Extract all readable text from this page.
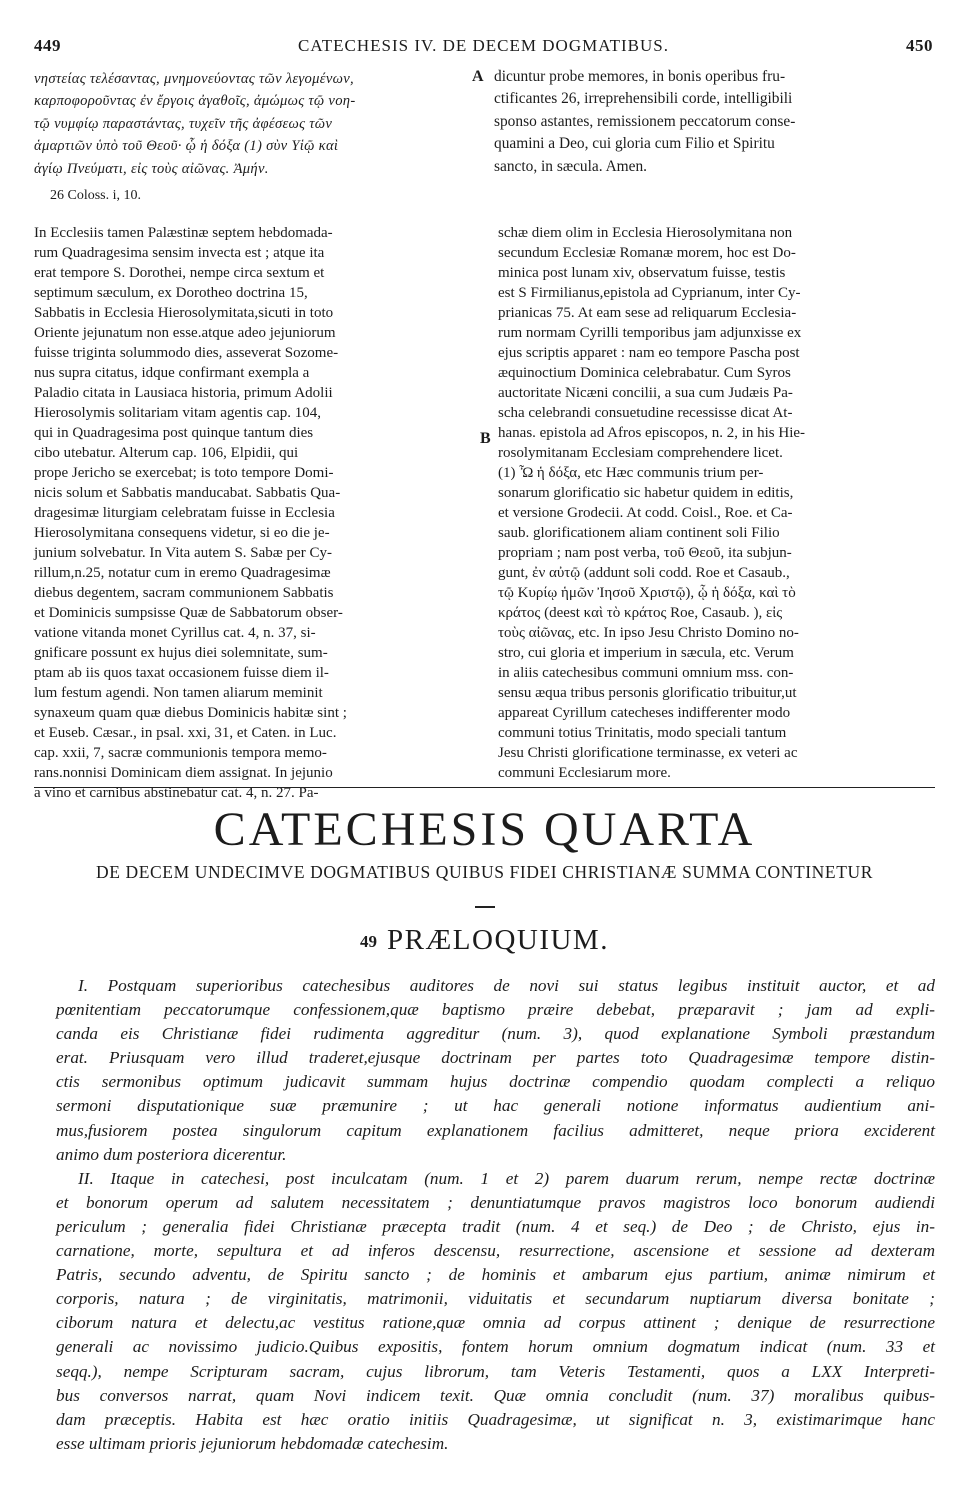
449	CATECHESIS IV. DE DECEM DOGMATIBUS.	450
νηστείας τελέσαντας, μνημονεύοντας τῶν λεγομένων,
καρποφοροῦντας ἐν ἔργοις ἀγαθοῖς, ἀμώμως τῷ νοη-
τῷ νυμφίῳ παραστάντας, τυχεῖν τῆς ἀφέσεως τῶν
ἁμαρτιῶν ὑπὸ τοῦ Θεοῦ· ᾧ ἡ δόξα (1) σὺν Υἱῷ καὶ
ἁγίῳ Πνεύματι, εἰς τοὺς αἰῶνας. Ἀμήν.
26 Coloss. i, 10.
A
B
dicuntur probe memores, in bonis operibus fru-
ctificantes 26, irreprehensibili corde, intelligibili
sponso astantes, remissionem peccatorum conse-
quamini a Deo, cui gloria cum Filio et Spiritu
sancto, in sæcula. Amen.
In Ecclesiis tamen Palæstinæ septem hebdomada-
rum Quadragesima sensim invecta est ; atque ita
erat tempore S. Dorothei, nempe circa sextum et
septimum sæculum, ex Dorotheo doctrina 15,
Sabbatis in Ecclesia Hierosolymitata,sicuti in toto
Oriente jejunatum non esse.atque adeo jejuniorum
fuisse triginta solummodo dies, asseverat Sozome-
nus supra citatus, idque confirmant exempla a
Paladio citata in Lausiaca historia, primum Adolii
Hierosolymis solitariam vitam agentis cap. 104,
qui in Quadragesima post quinque tantum dies
cibo utebatur. Alterum cap. 106, Elpidii, qui
prope Jericho se exercebat; is toto tempore Domi-
nicis solum et Sabbatis manducabat. Sabbatis Qua-
dragesimæ liturgiam celebratam fuisse in Ecclesia
Hierosolymitana consequens videtur, si eo die je-
junium solvebatur. In Vita autem S. Sabæ per Cy-
rillum,n.25, notatur cum in eremo Quadragesimæ
diebus degentem, sacram communionem Sabbatis
et Dominicis sumpsisse Quæ de Sabbatorum obser-
vatione vitanda monet Cyrillus cat. 4, n. 37, si-
gnificare possunt ex hujus diei solemnitate, sum-
ptam ab iis quos taxat occasionem fuisse diem il-
lum festum agendi. Non tamen aliarum meminit
synaxeum quam quæ diebus Dominicis habitæ sint ;
et Euseb. Cæsar., in psal. xxi, 31, et Caten. in Luc.
cap. xxii, 7, sacræ communionis tempora memo-
rans.nonnisi Dominicam diem assignat. In jejunio
a vino et carnibus abstinebatur cat. 4, n. 27. Pa-
schæ diem olim in Ecclesia Hierosolymitana non
secundum Ecclesiæ Romanæ morem, hoc est Do-
minica post lunam xiv, observatum fuisse, testis
est S Firmilianus,epistola ad Cyprianum, inter Cy-
prianicas 75. At eam sese ad reliquarum Ecclesia-
rum normam Cyrilli temporibus jam adjunxisse ex
ejus scriptis apparet : nam eo tempore Pascha post
æquinoctium Dominica celebrabatur. Cum Syros
auctoritate Nicæni concilii, a sua cum Judæis Pa-
scha celebrandi consuetudine recessisse dicat At-
hanas. epistola ad Afros episcopos, n. 2, in his Hie-
rosolymitanam Ecclesiam comprehendere licet.
(1) Ὦ ἡ δόξα, etc Hæc communis trium per-
sonarum glorificatio sic habetur quidem in editis,
et versione Grodecii. At codd. Coisl., Roe. et Ca-
saub. glorificationem aliam continent soli Filio
propriam ; nam post verba, τοῦ Θεοῦ, ita subjun-
gunt, ἐν αὐτῷ (addunt soli codd. Roe et Casaub.,
τῷ Κυρίῳ ἡμῶν Ἰησοῦ Χριστῷ), ᾧ ἡ δόξα, καὶ τὸ
κράτος (deest καὶ τὸ κράτος Roe, Casaub. ), εἰς
τοὺς αἰῶνας, etc. In ipso Jesu Christo Domino no-
stro, cui gloria et imperium in sæcula, etc. Verum
in aliis catechesibus communi omnium mss. con-
sensu æqua tribus personis glorificatio tribuitur,ut
appareat Cyrillum catecheses indifferenter modo
communi totius Trinitatis, modo speciali tantum
Jesu Christi glorificatione terminasse, ex veteri ac
communi Ecclesiarum more.
CATECHESIS QUARTA
DE DECEM UNDECIMVE DOGMATIBUS QUIBUS FIDEI CHRISTIANÆ SUMMA CONTINETUR
49 PRÆLOQUIUM.
I. Postquam superioribus catechesibus auditores de novi sui status legibus instituit auctor, et ad
pœnitentiam peccatorumque confessionem,quæ baptismo præire debebat, præparavit ; jam ad expli-
canda eis Christianæ fidei rudimenta aggreditur (num. 3), quod explanatione Symboli præstandum
erat. Priusquam vero illud traderet,ejusque doctrinam per partes toto Quadragesimæ tempore distin-
ctis sermonibus optimum judicavit summam hujus doctrinæ compendio quodam complecti a reliquo
sermoni disputationique suæ præmunire ; ut hac generali notione informatus audientium ani-
mus,fusiorem postea singulorum capitum explanationem facilius admitteret, neque priora exciderent
animo dum posteriora dicerentur.
II. Itaque in catechesi, post inculcatam (num. 1 et 2) parem duarum rerum, nempe rectæ doctrinæ
et bonorum operum ad salutem necessitatem ; denuntiatumque pravos magistros loco bonorum audiendi
periculum ; generalia fidei Christianæ præcepta tradit (num. 4 et seq.) de Deo ; de Christo, ejus in-
carnatione, morte, sepultura et ad inferos descensu, resurrectione, ascensione et sessione ad dexteram
Patris, secundo adventu, de Spiritu sancto ; de hominis et ambarum ejus partium, animæ nimirum et
corporis, natura ; de virginitatis, matrimonii, viduitatis et secundarum nuptiarum diversa bonitate ;
ciborum natura et delectu,ac vestitus ratione,quæ omnia ad corpus attinent ; denique de resurrectione
generali ac novissimo judicio.Quibus expositis, fontem horum omnium dogmatum indicat (num. 33 et
seqq.), nempe Scripturam sacram, cujus librorum, tam Veteris Testamenti, quos a LXX Interpreti-
bus conversos narrat, quam Novi indicem texit. Quæ omnia concludit (num. 37) moralibus quibus-
dam præceptis. Habita est hæc oratio initiis Quadragesimæ, ut significat n. 3, existimarimque hanc
esse ultimam prioris jejuniorum hebdomadæ catechesim.
